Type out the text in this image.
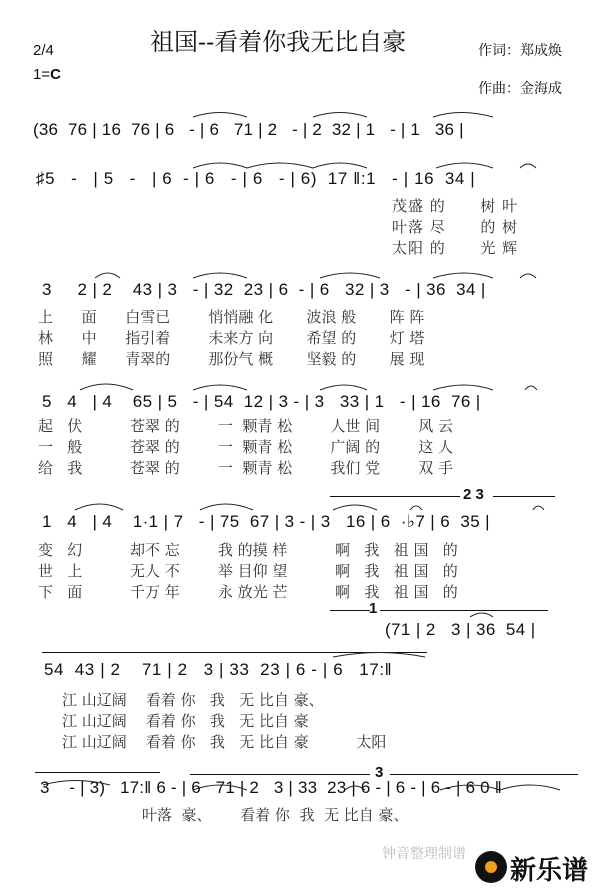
祖国--看着你我无比自豪
2/4
1=C
作词：郑成焕
作曲：金海成
(36  76 | 16  76 | 6   - | 6   71 | 2   - | 2  32 | 1   - | 1   36 |
♯5   -   | 5   -   | 6  - | 6   - | 6   - | 6)  17 ‖:1   - | 16  34 |
茂盛 的      树 叶
叶落 尽      的 树
太阳 的      光 辉
3     2 | 2    43 | 3   - | 32  23 | 6  - | 6   32 | 3   - | 36  34 |
上      面      白雪已        悄悄融 化       波浪 般       阵 阵
林      中      指引着        未来方 向       希望 的       灯 塔
照      耀      青翠的        那份气 概       坚毅 的       展 现
5   4   | 4    65 | 5   - | 54  12 | 3 - | 3   33 | 1   - | 16  76 |
起   伏          苍翠 的        一  颗青 松        人世 间        风 云
一   般          苍翠 的        一  颗青 松        广阔 的        这 人
给   我          苍翠 的        一  颗青 松        我们 党        双 手
2 3
1   4   | 4    1·1 | 7   - | 75  67 | 3 - | 3   16 | 6  ·♭7 | 6  35 |
变   幻          却不 忘        我 的摸 样          啊   我   祖 国   的
世   上          无人 不        举 目仰 望          啊   我   祖 国   的
下   面          千万 年        永 放光 芒          啊   我   祖 国   的
1
(71 | 2   3 | 36  54 |
54  43 | 2    71 | 2   3 | 33  23 | 6 - | 6   17:‖
江 山辽阔    看着 你   我   无 比自 豪、
江 山辽阔    看着 你   我   无 比自 豪
江 山辽阔    看着 你   我   无 比自 豪          太阳
3
3    - | 3)   17:‖ 6 - | 6   71 | 2   3 | 33  23 | 6 - | 6 - | 6 - | 6 0 ‖
叶落  豪、      看着 你  我  无 比自 豪、
钟音整理制谱

新乐谱
